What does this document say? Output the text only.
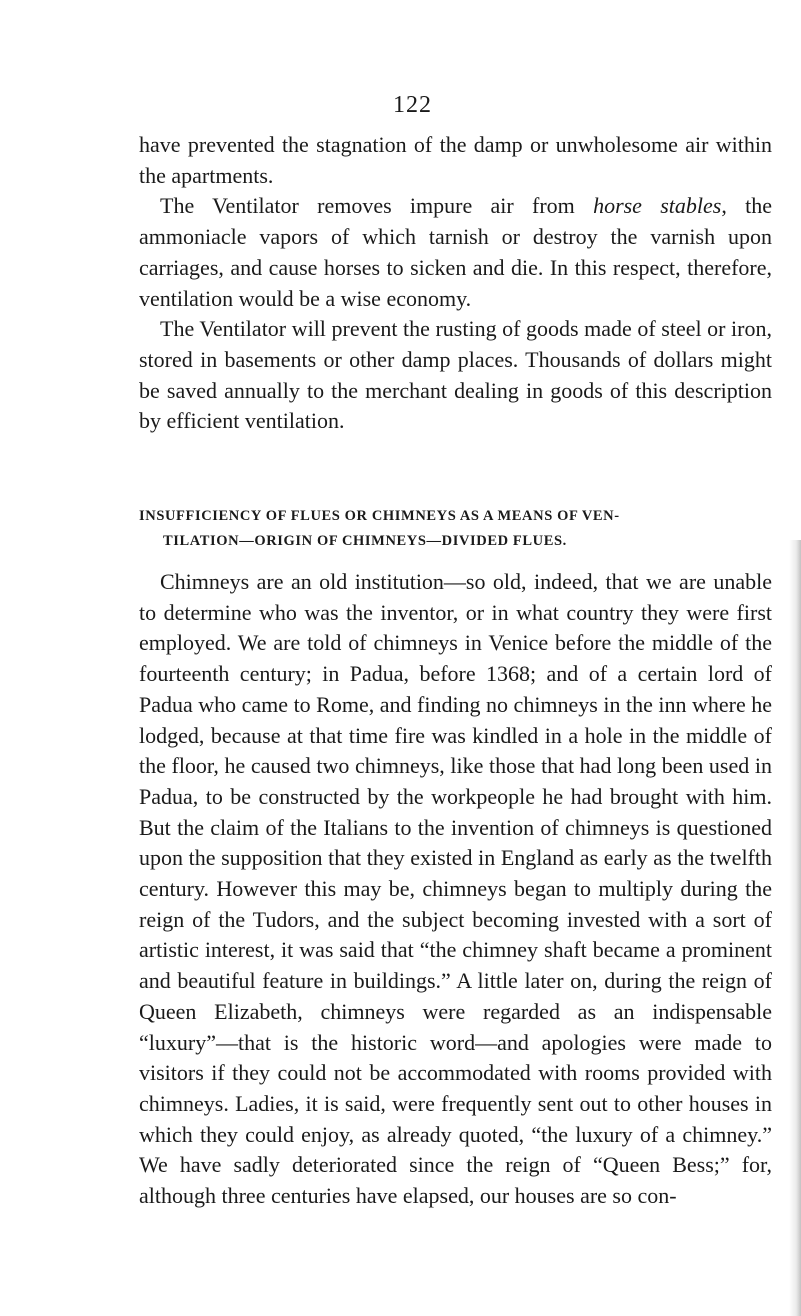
122

have prevented the stagnation of the damp or unwholesome air within the apartments.

The Ventilator removes impure air from horse stables, the ammoniacle vapors of which tarnish or destroy the varnish upon carriages, and cause horses to sicken and die. In this respect, therefore, ventilation would be a wise economy.

The Ventilator will prevent the rusting of goods made of steel or iron, stored in basements or other damp places. Thousands of dollars might be saved annually to the merchant dealing in goods of this description by efficient ventilation.

INSUFFICIENCY OF FLUES OR CHIMNEYS AS A MEANS OF VEN-
TILATION—ORIGIN OF CHIMNEYS—DIVIDED FLUES.

Chimneys are an old institution—so old, indeed, that we are unable to determine who was the inventor, or in what country they were first employed. We are told of chimneys in Venice before the middle of the fourteenth century; in Padua, before 1368; and of a certain lord of Padua who came to Rome, and finding no chimneys in the inn where he lodged, because at that time fire was kindled in a hole in the middle of the floor, he caused two chimneys, like those that had long been used in Padua, to be constructed by the workpeople he had brought with him. But the claim of the Italians to the invention of chimneys is questioned upon the supposition that they existed in England as early as the twelfth century. However this may be, chimneys began to multiply during the reign of the Tudors, and the subject becoming invested with a sort of artistic interest, it was said that “the chimney shaft became a prominent and beautiful feature in buildings.” A little later on, during the reign of Queen Elizabeth, chimneys were regarded as an indispensable “luxury”—that is the historic word—and apologies were made to visitors if they could not be accommodated with rooms provided with chimneys. Ladies, it is said, were frequently sent out to other houses in which they could enjoy, as already quoted, “the luxury of a chimney.” We have sadly deteriorated since the reign of “Queen Bess;” for, although three centuries have elapsed, our houses are so con-
